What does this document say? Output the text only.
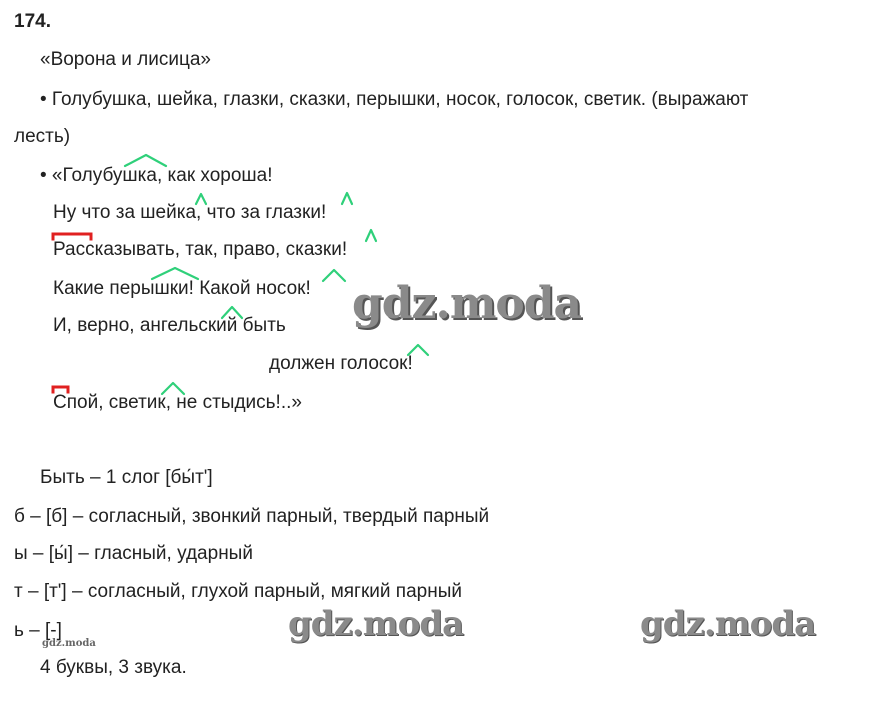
174.
«Ворона и лисица»
• Голубушка, шейка, глазки, сказки, перышки, носок, голосок, светик. (выражают
лесть)
• «Голубушка, как хороша!
Ну что за шейка, что за глазки!
Рассказывать, так, право, сказки!
Какие перышки! Какой носок!
И, верно, ангельский быть
должен голосок!
Спой, светик, не стыдись!..»
Быть – 1 слог [бы́т']
б – [б] – согласный, звонкий парный, твердый парный
ы – [ы́] – гласный, ударный
т – [т'] – согласный, глухой парный, мягкий парный
ь – [-]
4 буквы, 3 звука.
gdz.moda
gdz.moda	gdz.moda
gdz.moda
